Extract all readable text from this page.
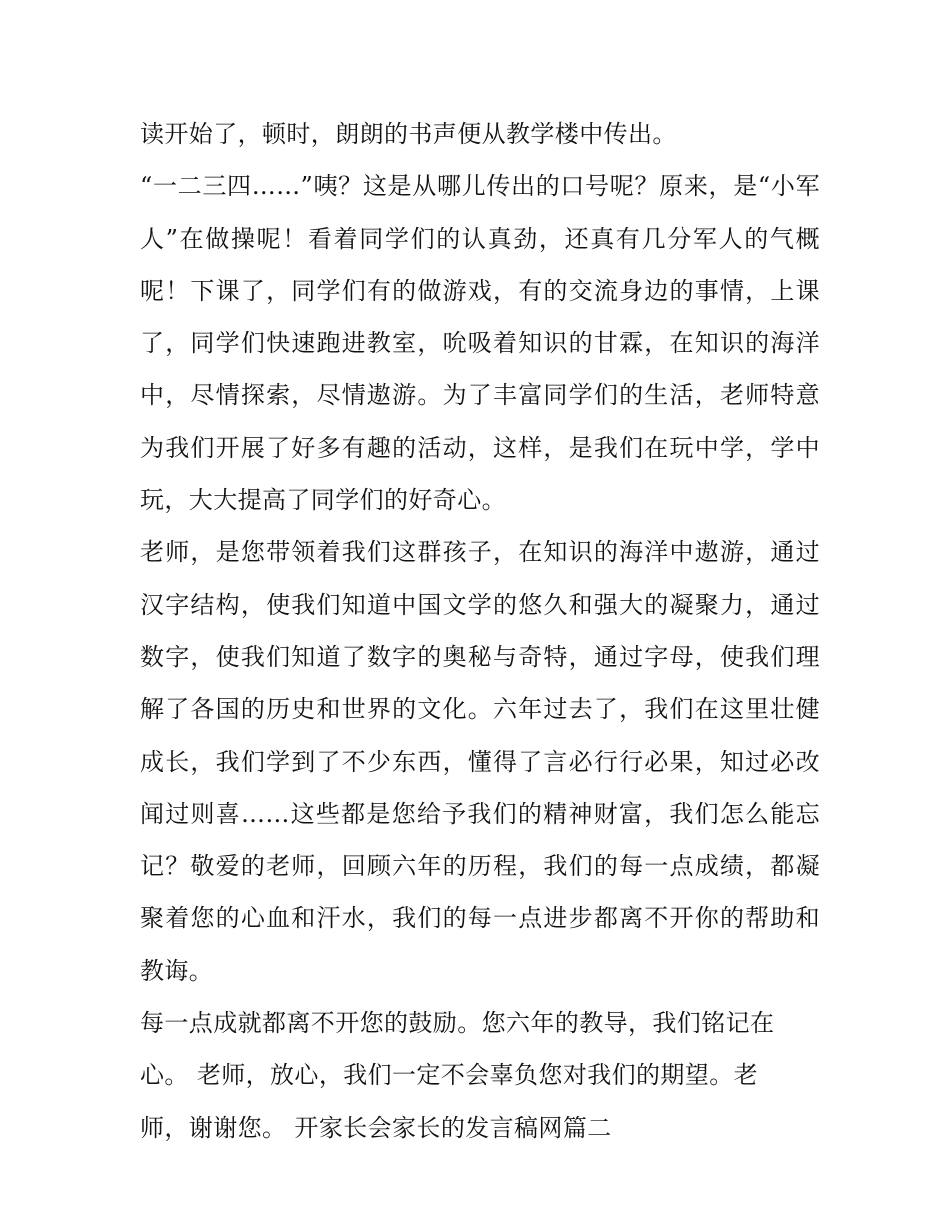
读开始了，顿时，朗朗的书声便从教学楼中传出。
“一二三四……”咦？这是从哪儿传出的口号呢？原来，是“小军
人”在做操呢！看着同学们的认真劲，还真有几分军人的气概
呢！下课了，同学们有的做游戏，有的交流身边的事情，上课
了，同学们快速跑进教室，吮吸着知识的甘霖，在知识的海洋
中，尽情探索，尽情遨游。为了丰富同学们的生活，老师特意
为我们开展了好多有趣的活动，这样，是我们在玩中学，学中
玩，大大提高了同学们的好奇心。
老师，是您带领着我们这群孩子，在知识的海洋中遨游，通过
汉字结构，使我们知道中国文学的悠久和强大的凝聚力，通过
数字，使我们知道了数字的奥秘与奇特，通过字母，使我们理
解了各国的历史和世界的文化。六年过去了，我们在这里壮健
成长，我们学到了不少东西，懂得了言必行行必果，知过必改
闻过则喜……这些都是您给予我们的精神财富，我们怎么能忘
记？敬爱的老师，回顾六年的历程，我们的每一点成绩，都凝
聚着您的心血和汗水，我们的每一点进步都离不开你的帮助和
教诲。
每一点成就都离不开您的鼓励。您六年的教导，我们铭记在
心。 老师，放心，我们一定不会辜负您对我们的期望。老
师，谢谢您。 开家长会家长的发言稿网篇二
